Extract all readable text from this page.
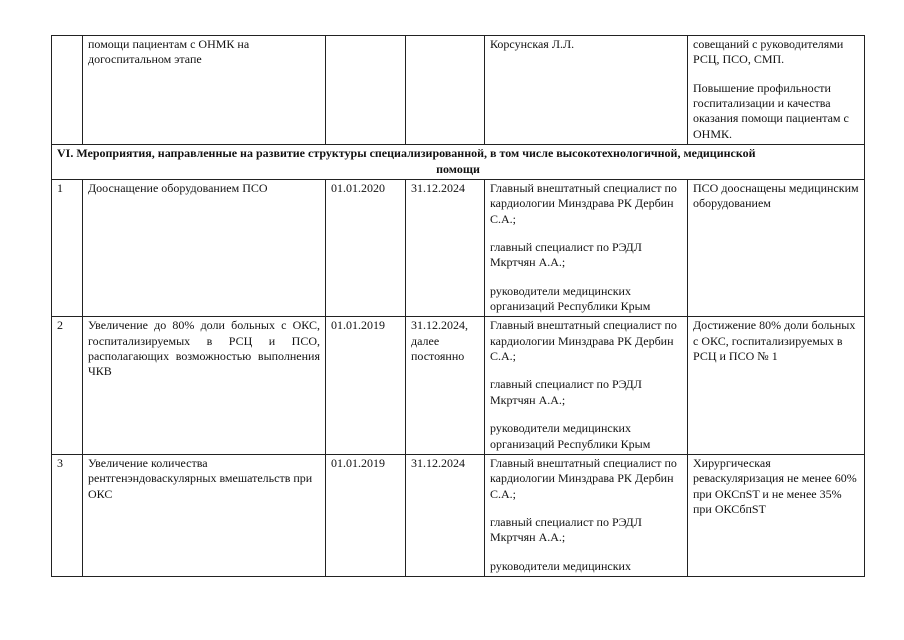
	помощи пациентам с ОНМК на догоспитальном этапе			Корсунская Л.Л.	совещаний с руководителями РСЦ, ПСО, СМП.

Повышение профильности госпитализации и качества оказания помощи пациентам с ОНМК.

VI. Мероприятия, направленные на развитие структуры специализированной, в том числе высокотехнологичной, медицинской
помощи					

1	Дооснащение оборудованием ПСО	01.01.2020	31.12.2024	Главный внештатный специалист по кардиологии Минздрава РК Дербин С.А.;

главный специалист по РЭДЛ Мкртчян А.А.;

руководители медицинских организаций Республики Крым	ПСО дооснащены медицинским оборудованием
2	Увеличение до 80% доли больных с ОКС, госпитализируемых в РСЦ и ПСО, располагающих возможностью выполнения ЧКВ	01.01.2019	31.12.2024, далее постоянно	Главный внештатный специалист по кардиологии Минздрава РК Дербин С.А.;

главный специалист по РЭДЛ Мкртчян А.А.;

руководители медицинских организаций Республики Крым	Достижение 80% доли больных с ОКС, госпитализируемых в РСЦ и ПСО № 1
3	Увеличение количества рентгенэндоваскулярных вмешательств при ОКС	01.01.2019	31.12.2024	Главный внештатный специалист по кардиологии Минздрава РК Дербин С.А.;

главный специалист по РЭДЛ Мкртчян А.А.;

руководители медицинских	Хирургическая реваскуляризация не менее 60% при ОКСпST и не менее 35% при ОКСбпST
